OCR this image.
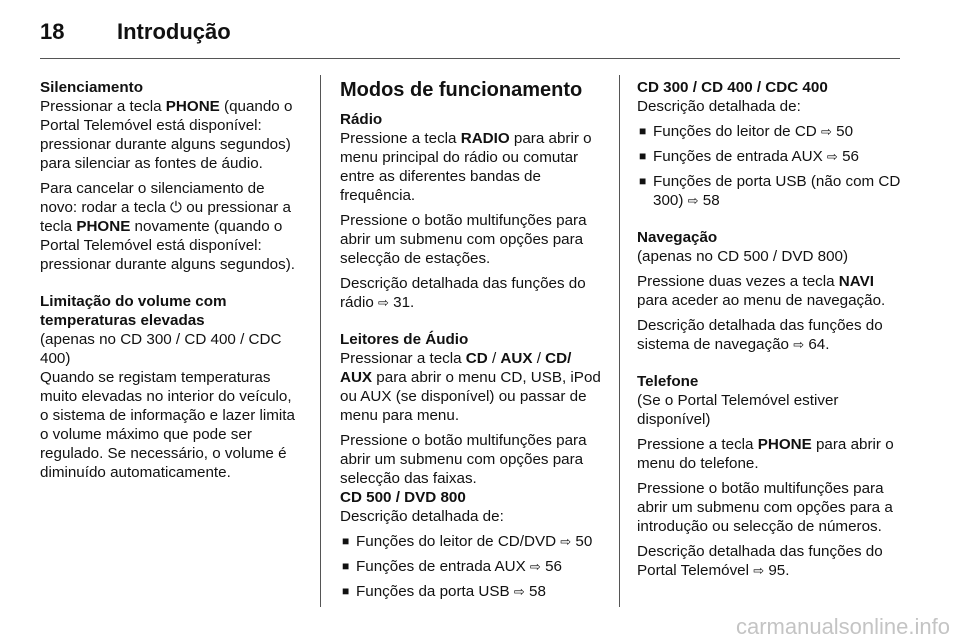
18 Introdução

Silenciamento

Pressionar a tecla PHONE (quando o Portal Telemóvel está disponível: pressionar durante alguns segundos) para silenciar as fontes de áudio.

Para cancelar o silenciamento de novo: rodar a tecla ⏻ ou pressionar a tecla PHONE novamente (quando o Portal Telemóvel está disponível: pressionar durante alguns segundos).

Limitação do volume com temperaturas elevadas

(apenas no CD 300 / CD 400 / CDC 400)

Quando se registam temperaturas muito elevadas no interior do veículo, o sistema de informação e lazer limita o volume máximo que pode ser regulado. Se necessário, o volume é diminuído automaticamente.

Modos de funcionamento

Rádio

Pressione a tecla RADIO para abrir o menu principal do rádio ou comutar entre as diferentes bandas de frequência.

Pressione o botão multifunções para abrir um submenu com opções para selecção de estações.

Descrição detalhada das funções do rádio ⇨ 31.

Leitores de Áudio

Pressionar a tecla CD / AUX / CD/ AUX para abrir o menu CD, USB, iPod ou AUX (se disponível) ou passar de menu para menu.

Pressione o botão multifunções para abrir um submenu com opções para selecção das faixas.

CD 500 / DVD 800

Descrição detalhada de:

■ Funções do leitor de CD/DVD ⇨ 50
■ Funções de entrada AUX ⇨ 56
■ Funções da porta USB ⇨ 58

CD 300 / CD 400 / CDC 400

Descrição detalhada de:

■ Funções do leitor de CD ⇨ 50
■ Funções de entrada AUX ⇨ 56
■ Funções de porta USB (não com CD 300) ⇨ 58

Navegação

(apenas no CD 500 / DVD 800)

Pressione duas vezes a tecla NAVI para aceder ao menu de navegação.

Descrição detalhada das funções do sistema de navegação ⇨ 64.

Telefone

(Se o Portal Telemóvel estiver disponível)

Pressione a tecla PHONE para abrir o menu do telefone.

Pressione o botão multifunções para abrir um submenu com opções para a introdução ou selecção de números.

Descrição detalhada das funções do Portal Telemóvel ⇨ 95.

carmanualsonline.info
